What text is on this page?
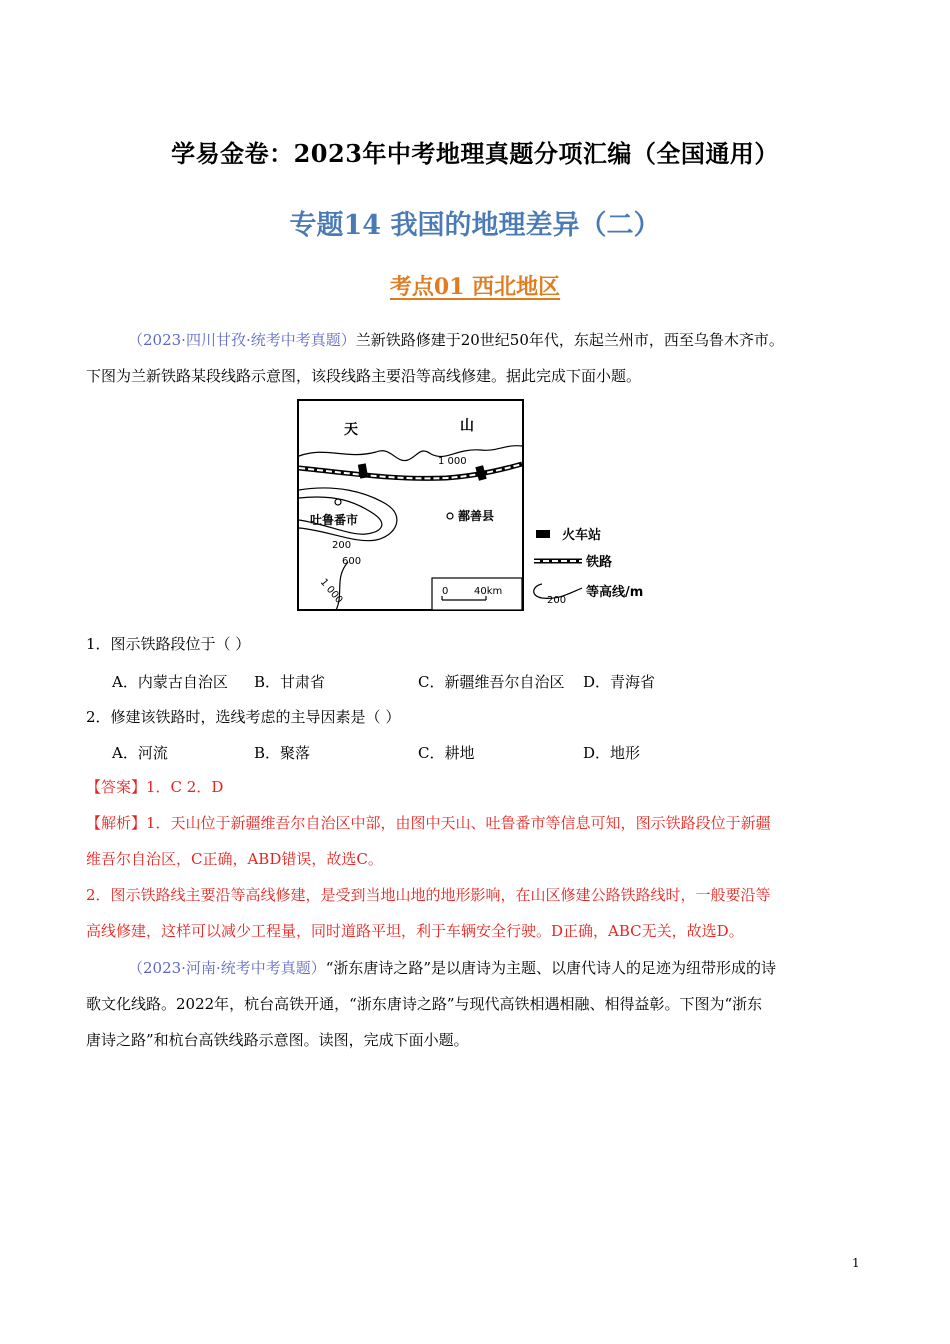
学易金卷：2023年中考地理真题分项汇编（全国通用）
专题14 我国的地理差异（二）
考点01 西北地区
（2023·四川甘孜·统考中考真题）兰新铁路修建于20世纪50年代，东起兰州市，西至乌鲁木齐市。
下图为兰新铁路某段线路示意图，该段线路主要沿等高线修建。据此完成下面小题。
天	山
1 000
吐鲁番市	鄯善县
200
600
1 000	0	40km
火车站
铁路
200
等高线/m
1．图示铁路段位于（ ）
A．内蒙古自治区 B．甘肃省	C．新疆维吾尔自治区 D．青海省
2．修建该铁路时，选线考虑的主导因素是（ ）
A．河流	B．聚落	C．耕地	D．地形
【答案】1．C 2．D
【解析】1．天山位于新疆维吾尔自治区中部，由图中天山、吐鲁番市等信息可知，图示铁路段位于新疆
维吾尔自治区，C正确，ABD错误，故选C。
2．图示铁路线主要沿等高线修建，是受到当地山地的地形影响，在山区修建公路铁路线时，一般要沿等
高线修建，这样可以减少工程量，同时道路平坦，利于车辆安全行驶。D正确，ABC无关，故选D。
（2023·河南·统考中考真题）“浙东唐诗之路”是以唐诗为主题、以唐代诗人的足迹为纽带形成的诗
歌文化线路。2022年，杭台高铁开通，“浙东唐诗之路”与现代高铁相遇相融、相得益彰。下图为“浙东
唐诗之路”和杭台高铁线路示意图。读图，完成下面小题。
1
